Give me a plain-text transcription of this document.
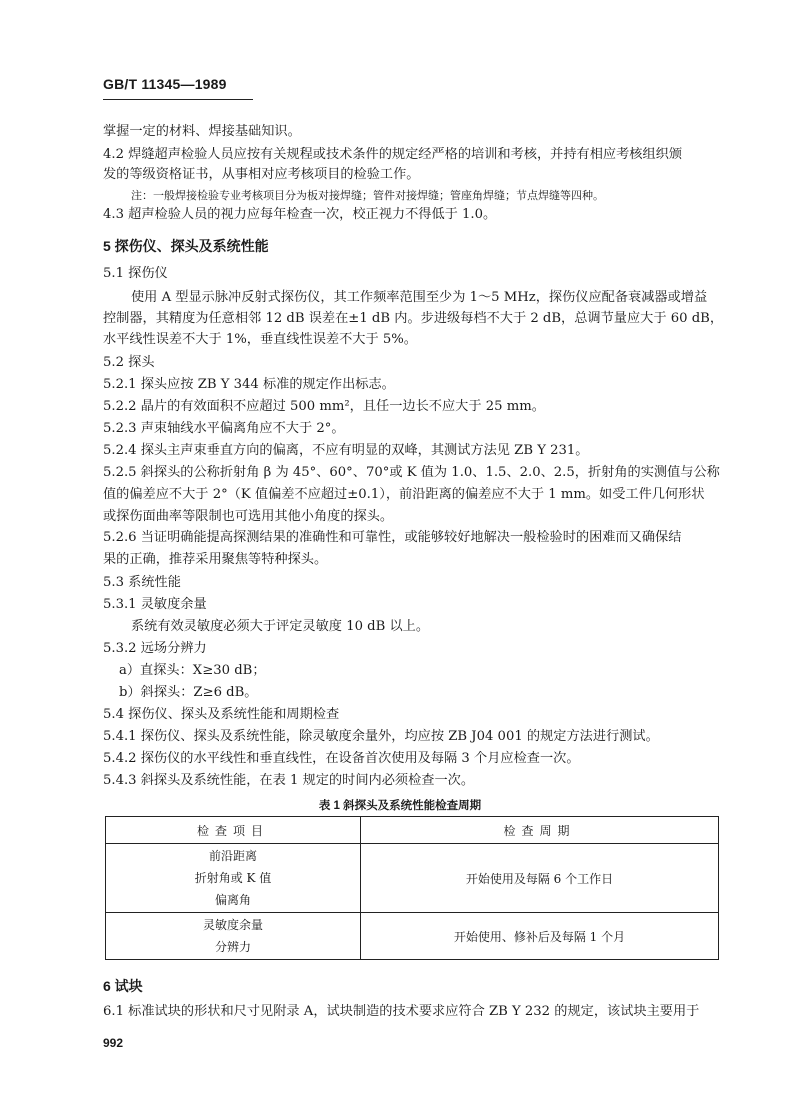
GB/T 11345—1989
掌握一定的材料、焊接基础知识。
4.2 焊缝超声检验人员应按有关规程或技术条件的规定经严格的培训和考核，并持有相应考核组织颁
发的等级资格证书，从事相对应考核项目的检验工作。
注：一般焊接检验专业考核项目分为板对接焊缝；管件对接焊缝；管座角焊缝；节点焊缝等四种。
4.3 超声检验人员的视力应每年检查一次，校正视力不得低于 1.0。
5 探伤仪、探头及系统性能
5.1 探伤仪
使用 A 型显示脉冲反射式探伤仪，其工作频率范围至少为 1～5 MHz，探伤仪应配备衰减器或增益
控制器，其精度为任意相邻 12 dB 误差在±1 dB 内。步进级每档不大于 2 dB，总调节量应大于 60 dB，
水平线性误差不大于 1%，垂直线性误差不大于 5%。
5.2 探头
5.2.1 探头应按 ZB Y 344 标准的规定作出标志。
5.2.2 晶片的有效面积不应超过 500 mm²，且任一边长不应大于 25 mm。
5.2.3 声束轴线水平偏离角应不大于 2°。
5.2.4 探头主声束垂直方向的偏离，不应有明显的双峰，其测试方法见 ZB Y 231。
5.2.5 斜探头的公称折射角 β 为 45°、60°、70°或 K 值为 1.0、1.5、2.0、2.5，折射角的实测值与公称
值的偏差应不大于 2°（K 值偏差不应超过±0.1），前沿距离的偏差应不大于 1 mm。如受工件几何形状
或探伤面曲率等限制也可选用其他小角度的探头。
5.2.6 当证明确能提高探测结果的准确性和可靠性，或能够较好地解决一般检验时的困难而又确保结
果的正确，推荐采用聚焦等特种探头。
5.3 系统性能
5.3.1 灵敏度余量
系统有效灵敏度必须大于评定灵敏度 10 dB 以上。
5.3.2 远场分辨力
a）直探头：X≥30 dB；
b）斜探头：Z≥6 dB。
5.4 探伤仪、探头及系统性能和周期检查
5.4.1 探伤仪、探头及系统性能，除灵敏度余量外，均应按 ZB J04 001 的规定方法进行测试。
5.4.2 探伤仪的水平线性和垂直线性，在设备首次使用及每隔 3 个月应检查一次。
5.4.3 斜探头及系统性能，在表 1 规定的时间内必须检查一次。
表 1 斜探头及系统性能检查周期
检查项目	检查周期

前沿距离
折射角或 K 值
偏离角	开始使用及每隔 6 个工作日

灵敏度余量
分辨力	开始使用、修补后及每隔 1 个月
6 试块
6.1 标准试块的形状和尺寸见附录 A，试块制造的技术要求应符合 ZB Y 232 的规定，该试块主要用于
992
